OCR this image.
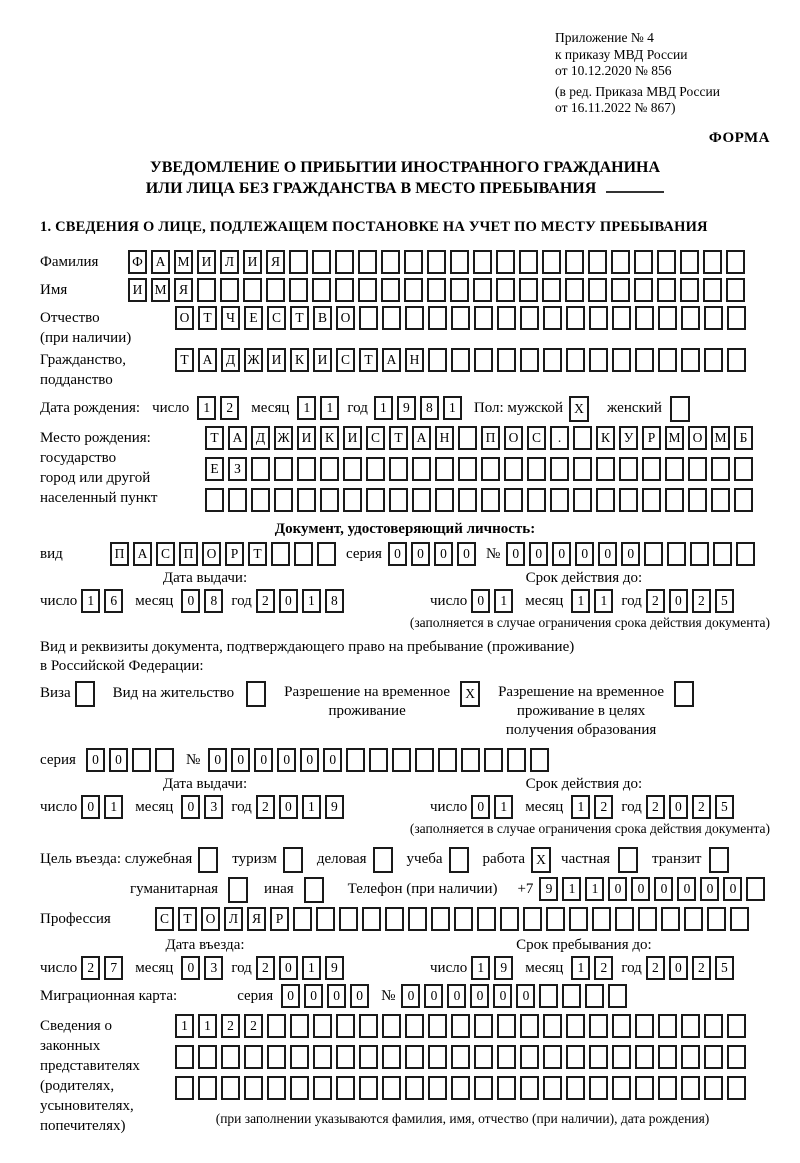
Приложение № 4
к приказу МВД России
от 10.12.2020 № 856
(в ред. Приказа МВД России
от 16.11.2022 № 867)
ФОРМА
УВЕДОМЛЕНИЕ О ПРИБЫТИИ ИНОСТРАННОГО ГРАЖДАНИНА
ИЛИ ЛИЦА БЕЗ ГРАЖДАНСТВА В МЕСТО ПРЕБЫВАНИЯ
1. СВЕДЕНИЯ О ЛИЦЕ, ПОДЛЕЖАЩЕМ ПОСТАНОВКЕ НА УЧЕТ ПО МЕСТУ ПРЕБЫВАНИЯ
Фамилия	Ф А М И	Л	И	Я
Имя	И М Я
Отчество
(при наличии)
О	Т	Ч	Е	С	Т	В	О
Гражданство,
подданство
Т	А	Д Ж И	К	И	С	Т	А Н
Дата рождения: число	1	2	месяц	1	1 год 1	9	8	1	Пол: мужской X	женский
Место рождения:
государство
город или другой
населенный пункт
Т	А	Д Ж И	К	И	С	Т	А Н	П О	С	.	К	У	Р М О М Б
Е	З
Документ, удостоверяющий личность:
вид	П А	С	П О	Р	Т	серия 0	0	0	0	№ 0	0	0	0	0	0
Дата выдачи:
число 1	6	месяц	0	8 год 2	0	1	8
Срок действия до:
число 0	1	месяц	1	1 год 2	0	2	5
(заполняется в случае ограничения срока действия документа)
Вид и реквизиты документа, подтверждающего право на пребывание (проживание)
в Российской Федерации:
Виза	Вид на жительство	Разрешение на временное
проживание
X	Разрешение на временное
проживание в целях
получения образования
серия	0	0	№	0	0	0	0	0	0
Дата выдачи:
число 0	1	месяц	0	3 год 2	0	1	9
Срок действия до:
число 0	1	месяц	1	2 год 2	0	2	5
(заполняется в случае ограничения срока действия документа)
Цель въезда: служебная	туризм	деловая	учеба	работа X	частная	транзит
гуманитарная	иная	Телефон (при наличии) +7 9	1	1	0	0	0	0	0	0
Профессия	С	Т	О	Л	Я	Р
Дата въезда:
число 2	7	месяц	0	3 год 2	0	1	9
Срок пребывания до:
число 1	9	месяц	1	2 год 2	0	2	5
Миграционная карта:	серия	0	0	0	0	№ 0	0	0	0	0	0
Сведения о
законных
представителях
(родителях,
усыновителях,
попечителях)
1	1	2	2
(при заполнении указываются фамилия, имя, отчество (при наличии), дата рождения)
